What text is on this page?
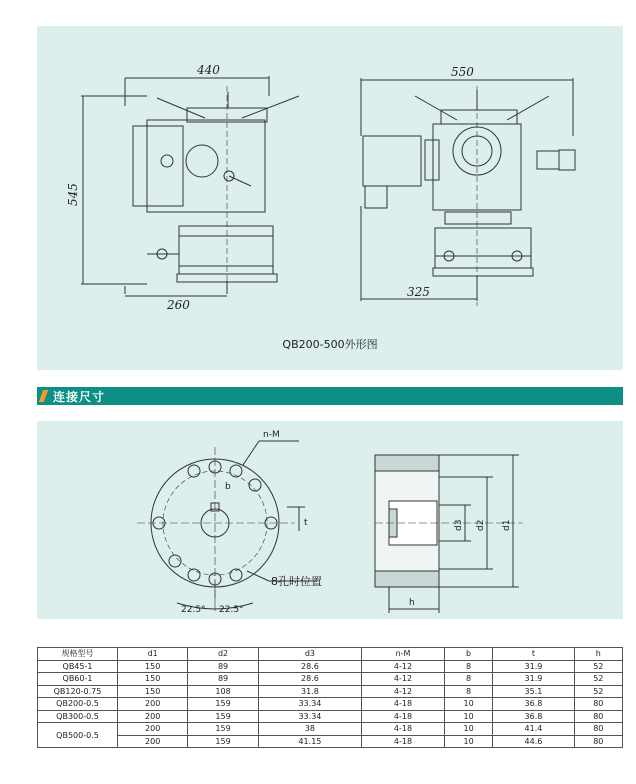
440
545
260
550
325
QB200-500外形图
连接尺寸
n-M
b
t
8孔时位置
22.5° 22.5°
d3 d2 d1
h
规格型号	d1	d2	d3	n-M	b	t	h
QB45-1	150	89	28.6	4-12	8	31.9	52
QB60-1	150	89	28.6	4-12	8	31.9	52
QB120-0.75	150	108	31.8	4-12	8	35.1	52
QB200-0.5	200	159	33.34	4-18	10	36.8	80
QB300-0.5	200	159	33.34	4-18	10	36.8	80
QB500-0.5	200	159	38	4-18	10	41.4	80
	200	159	41.15	4-18	10	44.6	80
